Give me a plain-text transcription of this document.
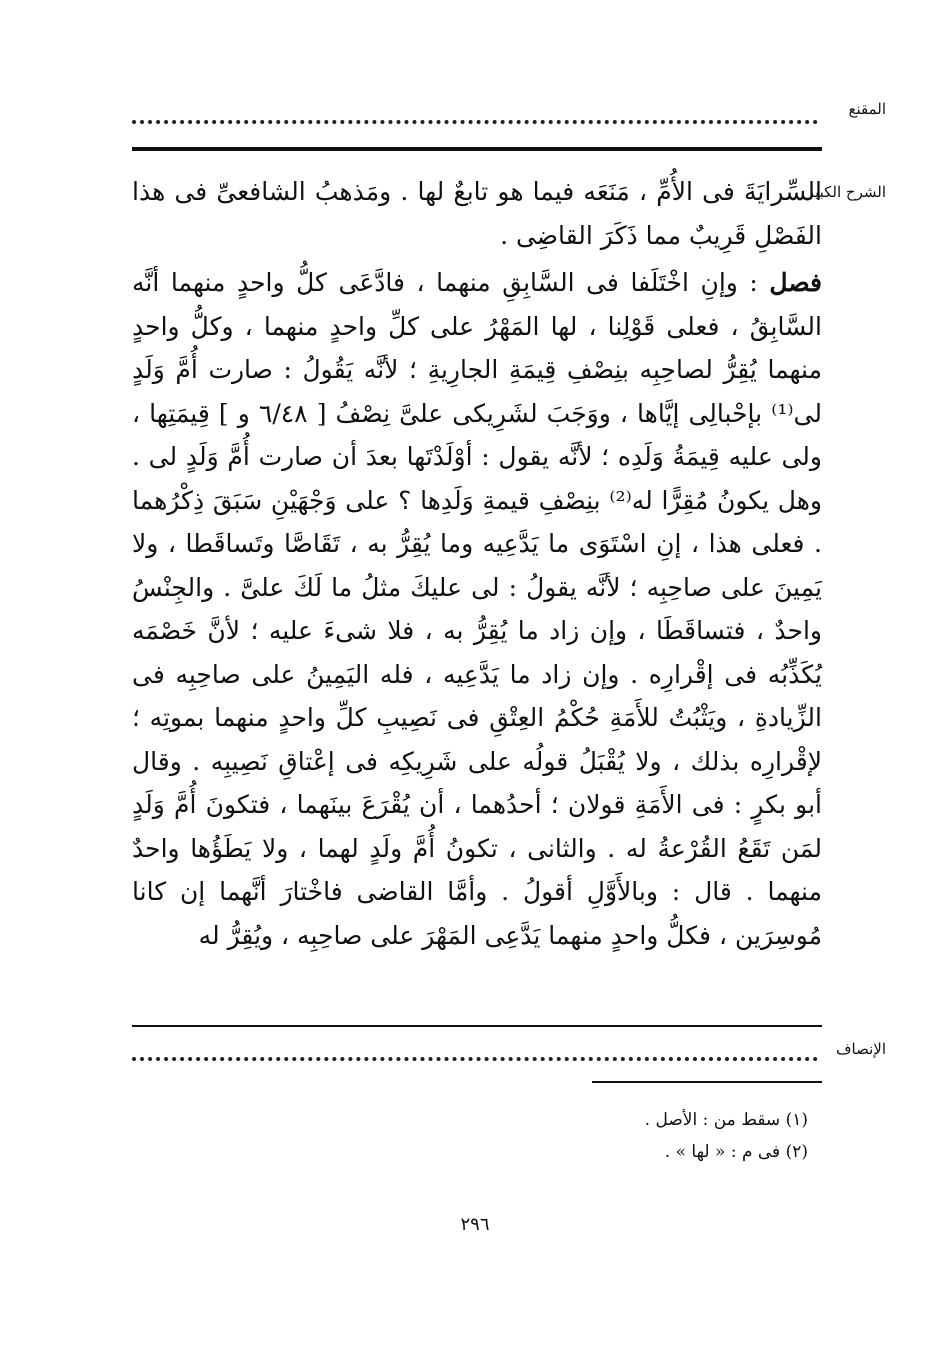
المقنع
الشرح الكبير

السِّرايَةَ فى الأُمِّ ، مَنَعَه فيما هو تابعٌ لها . ومَذهبُ الشافعىِّ فى هذا الفَصْلِ قَرِيبٌ مما ذَكَرَ القاضِى .

فصل : وإنِ اخْتَلَفا فى السَّابِقِ منهما ، فادَّعَى كلُّ واحدٍ منهما أنَّه السَّابِقُ ، فعلى قَوْلِنا ، لها المَهْرُ على كلِّ واحدٍ منهما ، وكلُّ واحدٍ منهما يُقِرُّ لصاحِبِه بنِصْفِ قِيمَةِ الجارِيةِ ؛ لأنَّه يَقُولُ : صارت أُمَّ وَلَدٍ لى⁽¹⁾ بإحْبالِى إيَّاها ، ووَجَبَ لشَرِيكى علىَّ نِصْفُ [ ٦/٤٨ و ] قِيمَتِها ، ولى عليه قِيمَةُ وَلَدِه ؛ لأنَّه يقول : أوْلَدْتَها بعدَ أن صارت أُمَّ وَلَدٍ لى . وهل يكونُ مُقِرًّا له⁽²⁾ بنِصْفِ قيمةِ وَلَدِها ؟ على وَجْهَيْنِ سَبَقَ ذِكْرُهما . فعلى هذا ، إنِ اسْتَوَى ما يَدَّعِيه وما يُقِرُّ به ، تَقَاصَّا وتَساقَطا ، ولا يَمِينَ على صاحِبِه ؛ لأنَّه يقولُ : لى عليكَ مثلُ ما لَكَ علىَّ . والجِنْسُ واحدٌ ، فتساقَطَا ، وإن زاد ما يُقِرُّ به ، فلا شىءَ عليه ؛ لأنَّ خَصْمَه يُكَذِّبُه فى إقْرارِه . وإن زاد ما يَدَّعِيه ، فله اليَمِينُ على صاحِبِه فى الزِّيادةِ ، ويَثْبُتُ للأَمَةِ حُكْمُ العِتْقِ فى نَصِيبِ كلِّ واحدٍ منهما بموتِه ؛ لإقْرارِه بذلك ، ولا يُقْبَلُ قولُه على شَرِيكِه فى إعْتاقِ نَصِيبِه . وقال أبو بكرٍ : فى الأَمَةِ قولان ؛ أحدُهما ، أن يُقْرَعَ بينَهما ، فتكونَ أُمَّ وَلَدٍ لمَن تَقَعُ القُرْعةُ له . والثانى ، تكونُ أُمَّ ولَدٍ لهما ، ولا يَطَؤُها واحدٌ منهما . قال : وبالأَوَّلِ أقولُ . وأمَّا القاضى فاخْتارَ أنَّهما إن كانا مُوسِرَين ، فكلُّ واحدٍ منهما يَدَّعِى المَهْرَ على صاحِبِه ، ويُقِرُّ له

الإنصاف
(١) سقط من : الأصل .
(٢) فى م : « لها » .
٢٩٦
